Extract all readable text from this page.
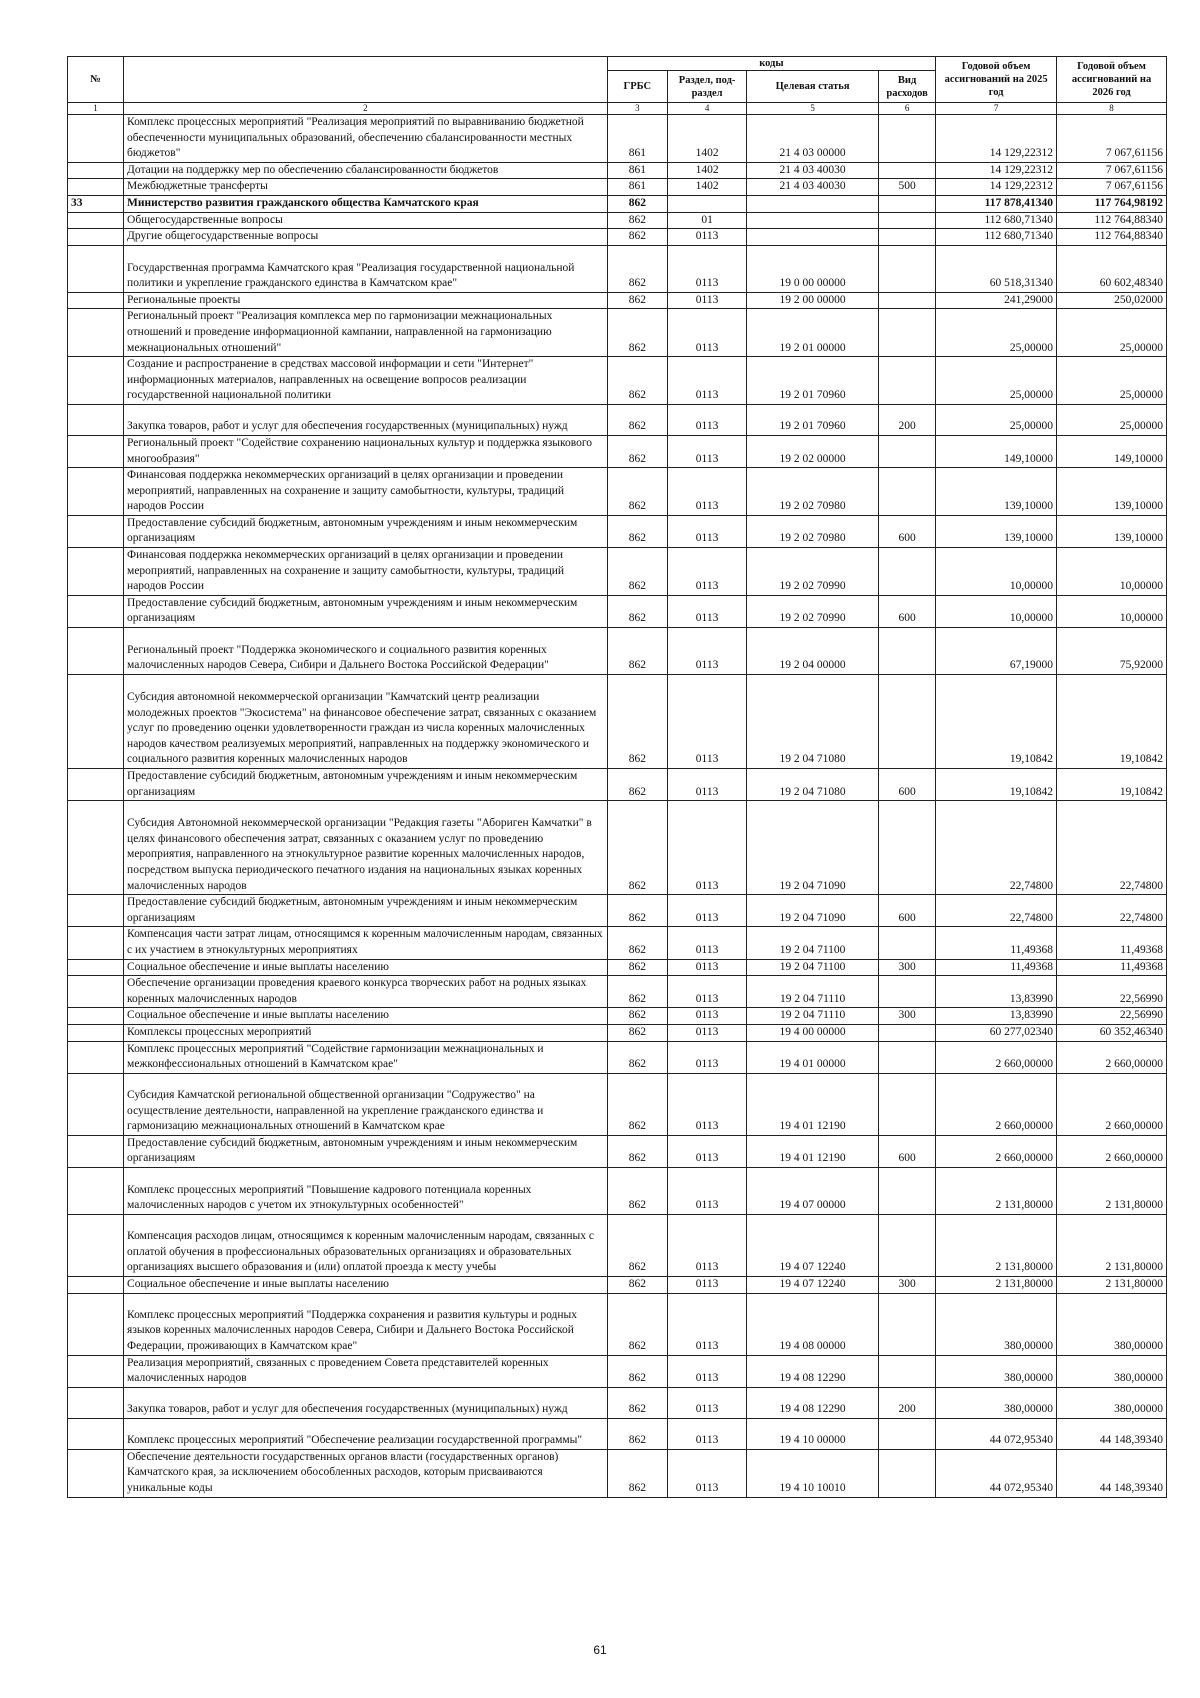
№		коды				Годовой объем ассигнований на 2025 год	Годовой объем ассигнований на 2026 год
		ГРБС	Раздел, под-раздел	Целевая статья	Вид расходов		
1	2	3	4	5	6	7	8
	Комплекс процессных мероприятий "Реализация мероприятий по выравниванию бюджетной обеспеченности муниципальных образований, обеспечению сбалансированности местных бюджетов"	861	1402	21 4 03 00000		14 129,22312	7 067,61156
	Дотации на поддержку мер по обеспечению сбалансированности бюджетов	861	1402	21 4 03 40030		14 129,22312	7 067,61156
	Межбюджетные трансферты	861	1402	21 4 03 40030	500	14 129,22312	7 067,61156
33	Министерство развития гражданского общества Камчатского края	862				117 878,41340	117 764,98192
	Общегосударственные вопросы	862	01			112 680,71340	112 764,88340
	Другие общегосударственные вопросы	862	0113			112 680,71340	112 764,88340
	Государственная программа Камчатского края "Реализация государственной национальной политики и укрепление гражданского единства в Камчатском крае"	862	0113	19 0 00 00000		60 518,31340	60 602,48340
	Региональные проекты	862	0113	19 2 00 00000		241,29000	250,02000
	Региональный проект "Реализация комплекса мер по гармонизации межнациональных отношений и проведение информационной кампании, направленной на гармонизацию межнациональных отношений"	862	0113	19 2 01 00000		25,00000	25,00000
	Создание и распространение в средствах массовой информации и сети "Интернет" информационных материалов, направленных на освещение вопросов реализации государственной национальной политики	862	0113	19 2 01 70960		25,00000	25,00000
	Закупка товаров, работ и услуг для обеспечения государственных (муниципальных) нужд	862	0113	19 2 01 70960	200	25,00000	25,00000
	Региональный проект "Содействие сохранению национальных культур и поддержка языкового многообразия"	862	0113	19 2 02 00000		149,10000	149,10000
	Финансовая поддержка некоммерческих организаций в целях организации и проведении мероприятий, направленных на сохранение и защиту самобытности, культуры, традиций народов России	862	0113	19 2 02 70980		139,10000	139,10000
	Предоставление субсидий бюджетным, автономным учреждениям и иным некоммерческим организациям	862	0113	19 2 02 70980	600	139,10000	139,10000
	Финансовая поддержка некоммерческих организаций в целях организации и проведении мероприятий, направленных на сохранение и защиту самобытности, культуры, традиций народов России	862	0113	19 2 02 70990		10,00000	10,00000
	Предоставление субсидий бюджетным, автономным учреждениям и иным некоммерческим организациям	862	0113	19 2 02 70990	600	10,00000	10,00000
	Региональный проект "Поддержка экономического и социального развития коренных малочисленных народов Севера, Сибири и Дальнего Востока Российской Федерации"	862	0113	19 2 04 00000		67,19000	75,92000
	Субсидия автономной некоммерческой организации "Камчатский центр реализации молодежных проектов "Экосистема" на финансовое обеспечение затрат, связанных с оказанием услуг по проведению оценки удовлетворенности граждан из числа коренных малочисленных народов качеством реализуемых мероприятий, направленных на поддержку экономического и социального развития коренных малочисленных народов	862	0113	19 2 04 71080		19,10842	19,10842
	Предоставление субсидий бюджетным, автономным учреждениям и иным некоммерческим организациям	862	0113	19 2 04 71080	600	19,10842	19,10842
	Субсидия Автономной некоммерческой организации "Редакция газеты "Абориген Камчатки" в целях финансового обеспечения затрат, связанных с оказанием услуг по проведению мероприятия, направленного на этнокультурное развитие коренных малочисленных народов, посредством выпуска периодического печатного издания на национальных языках коренных малочисленных народов	862	0113	19 2 04 71090		22,74800	22,74800
	Предоставление субсидий бюджетным, автономным учреждениям и иным некоммерческим организациям	862	0113	19 2 04 71090	600	22,74800	22,74800
	Компенсация части затрат лицам, относящимся к коренным малочисленным народам, связанных с их участием в этнокультурных мероприятиях	862	0113	19 2 04 71100		11,49368	11,49368
	Социальное обеспечение и иные выплаты населению	862	0113	19 2 04 71100	300	11,49368	11,49368
	Обеспечение организации проведения краевого конкурса творческих работ на родных языках коренных малочисленных народов	862	0113	19 2 04 71110		13,83990	22,56990
	Социальное обеспечение и иные выплаты населению	862	0113	19 2 04 71110	300	13,83990	22,56990
	Комплексы процессных мероприятий	862	0113	19 4 00 00000		60 277,02340	60 352,46340
	Комплекс процессных мероприятий "Содействие гармонизации межнациональных и межконфессиональных отношений в Камчатском крае"	862	0113	19 4 01 00000		2 660,00000	2 660,00000
	Субсидия Камчатской региональной общественной организации "Содружество" на осуществление деятельности, направленной на укрепление гражданского единства и гармонизацию межнациональных отношений в Камчатском крае	862	0113	19 4 01 12190		2 660,00000	2 660,00000
	Предоставление субсидий бюджетным, автономным учреждениям и иным некоммерческим организациям	862	0113	19 4 01 12190	600	2 660,00000	2 660,00000
	Комплекс процессных мероприятий "Повышение кадрового потенциала коренных малочисленных народов с учетом их этнокультурных особенностей"	862	0113	19 4 07 00000		2 131,80000	2 131,80000
	Компенсация расходов лицам, относящимся к коренным малочисленным народам, связанных с оплатой обучения в профессиональных образовательных организациях и образовательных организациях высшего образования и (или) оплатой проезда к месту учебы	862	0113	19 4 07 12240		2 131,80000	2 131,80000
	Социальное обеспечение и иные выплаты населению	862	0113	19 4 07 12240	300	2 131,80000	2 131,80000
	Комплекс процессных мероприятий "Поддержка сохранения и развития культуры и родных языков коренных малочисленных народов Севера, Сибири и Дальнего Востока Российской Федерации, проживающих в Камчатском крае"	862	0113	19 4 08 00000		380,00000	380,00000
	Реализация мероприятий, связанных с проведением Совета представителей коренных малочисленных народов	862	0113	19 4 08 12290		380,00000	380,00000
	Закупка товаров, работ и услуг для обеспечения государственных (муниципальных) нужд	862	0113	19 4 08 12290	200	380,00000	380,00000
	Комплекс процессных мероприятий "Обеспечение реализации государственной программы"	862	0113	19 4 10 00000		44 072,95340	44 148,39340
	Обеспечение деятельности государственных органов власти (государственных органов) Камчатского края, за исключением обособленных расходов, которым присваиваются уникальные коды	862	0113	19 4 10 10010		44 072,95340	44 148,39340
61
